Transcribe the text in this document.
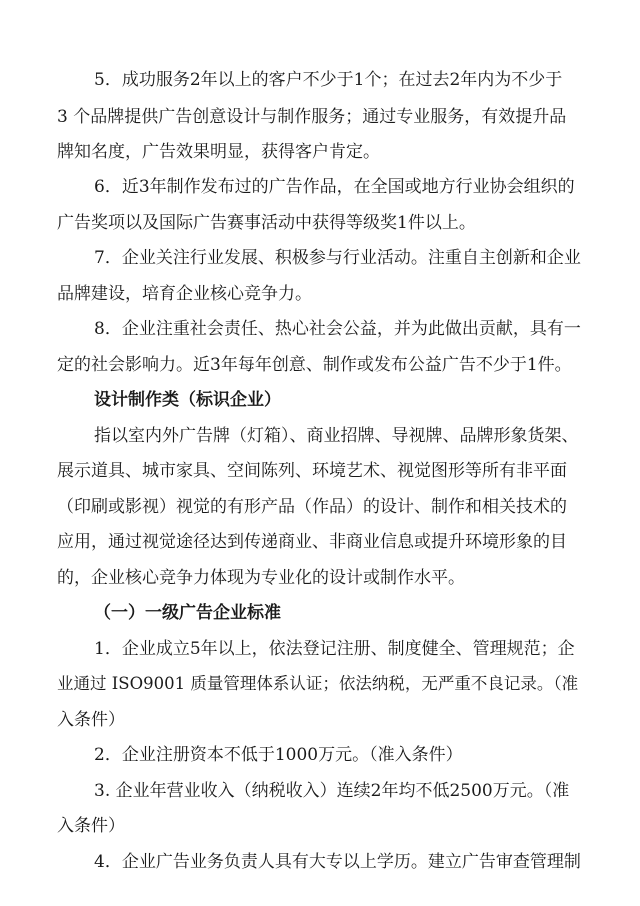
5．成功服务2年以上的客户不少于1个；在过去2年内为不少于
3 个品牌提供广告创意设计与制作服务；通过专业服务，有效提升品
牌知名度，广告效果明显，获得客户肯定。
6．近3年制作发布过的广告作品，在全国或地方行业协会组织的
广告奖项以及国际广告赛事活动中获得等级奖1件以上。
7．企业关注行业发展、积极参与行业活动。注重自主创新和企业
品牌建设，培育企业核心竞争力。
8．企业注重社会责任、热心社会公益，并为此做出贡献，具有一
定的社会影响力。近3年每年创意、制作或发布公益广告不少于1件。
设计制作类（标识企业）
指以室内外广告牌（灯箱）、商业招牌、导视牌、品牌形象货架、
展示道具、城市家具、空间陈列、环境艺术、视觉图形等所有非平面
（印刷或影视）视觉的有形产品（作品）的设计、制作和相关技术的
应用，通过视觉途径达到传递商业、非商业信息或提升环境形象的目
的，企业核心竞争力体现为专业化的设计或制作水平。
（一）一级广告企业标准
1．企业成立5年以上，依法登记注册、制度健全、管理规范；企
业通过 ISO9001 质量管理体系认证；依法纳税，无严重不良记录。（准
入条件）
2．企业注册资本不低于1000万元。（准入条件）
3. 企业年营业收入（纳税收入）连续2年均不低2500万元。（准
入条件）
4．企业广告业务负责人具有大专以上学历。建立广告审查管理制
